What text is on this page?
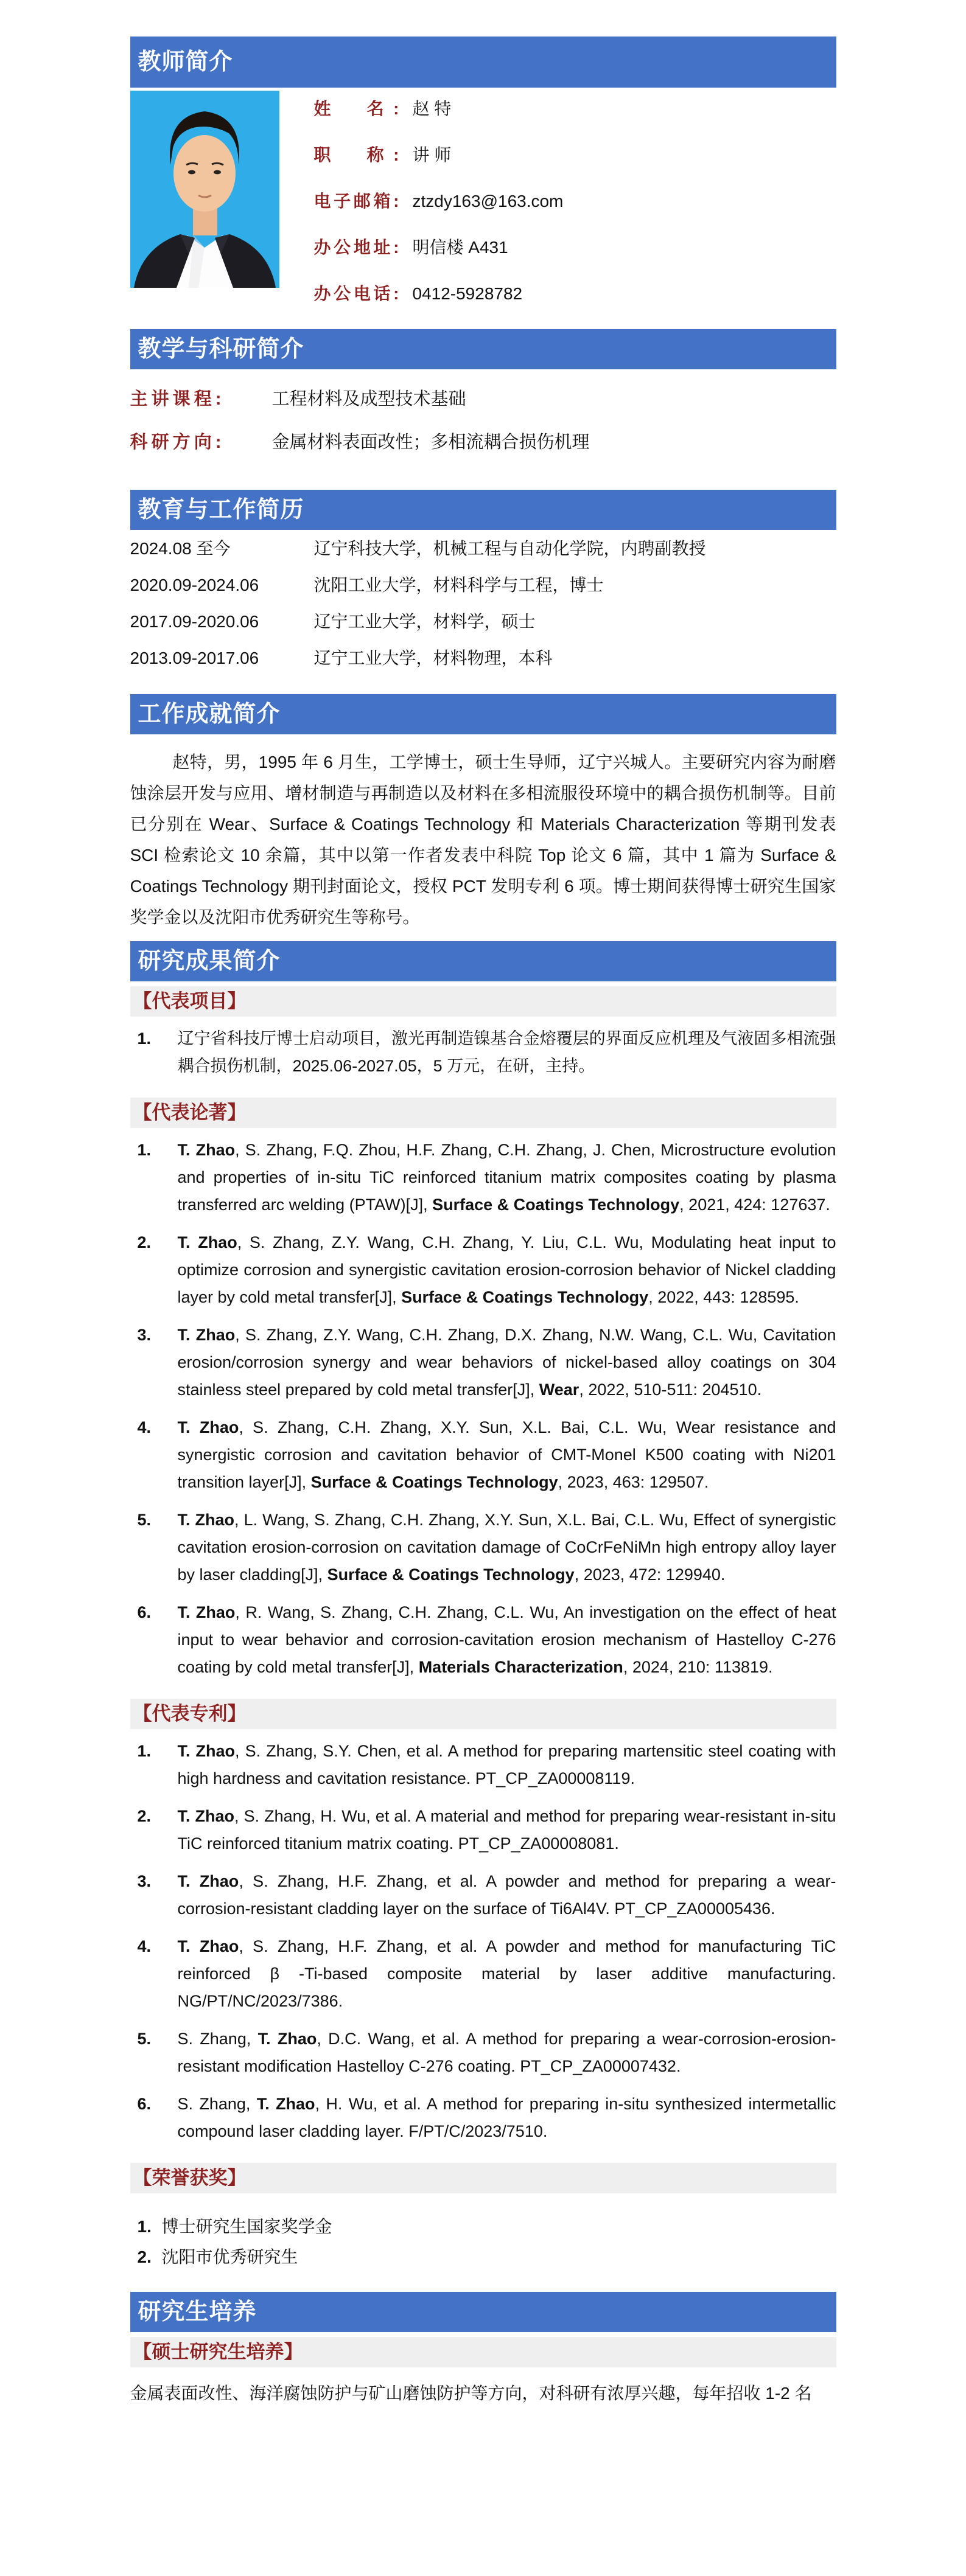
教师简介
姓　名: 赵 特
职　称: 讲 师
电子邮箱: ztzdy163@163.com
办公地址: 明信楼 A431
办公电话: 0412-5928782
教学与科研简介
主讲课程:	工程材料及成型技术基础
科研方向:	金属材料表面改性；多相流耦合损伤机理
教育与工作简历
2024.08 至今	辽宁科技大学，机械工程与自动化学院，内聘副教授
2020.09-2024.06	沈阳工业大学，材料科学与工程，博士
2017.09-2020.06	辽宁工业大学，材料学，硕士
2013.09-2017.06	辽宁工业大学，材料物理，本科
工作成就简介

赵特，男，1995 年 6 月生，工学博士，硕士生导师，辽宁兴城人。主要研究内容为耐磨蚀涂层开发与应用、增材制造与再制造以及材料在多相流服役环境中的耦合损伤机制等。目前已分别在 Wear、Surface & Coatings Technology 和 Materials Characterization 等期刊发表 SCI 检索论文 10 余篇，其中以第一作者发表中科院 Top 论文 6 篇，其中 1 篇为 Surface & Coatings Technology 期刊封面论文，授权 PCT 发明专利 6 项。博士期间获得博士研究生国家奖学金以及沈阳市优秀研究生等称号。

研究成果简介
【代表项目】
1. 辽宁省科技厅博士启动项目，激光再制造镍基合金熔覆层的界面反应机理及气液固多相流强耦合损伤机制，2025.06-2027.05，5 万元，在研，主持。
【代表论著】
1. T. Zhao, S. Zhang, F.Q. Zhou, H.F. Zhang, C.H. Zhang, J. Chen, Microstructure evolution and properties of in-situ TiC reinforced titanium matrix composites coating by plasma transferred arc welding (PTAW)[J], Surface & Coatings Technology, 2021, 424: 127637.
2. T. Zhao, S. Zhang, Z.Y. Wang, C.H. Zhang, Y. Liu, C.L. Wu, Modulating heat input to optimize corrosion and synergistic cavitation erosion-corrosion behavior of Nickel cladding layer by cold metal transfer[J], Surface & Coatings Technology, 2022, 443: 128595.
3. T. Zhao, S. Zhang, Z.Y. Wang, C.H. Zhang, D.X. Zhang, N.W. Wang, C.L. Wu, Cavitation erosion/corrosion synergy and wear behaviors of nickel-based alloy coatings on 304 stainless steel prepared by cold metal transfer[J], Wear, 2022, 510-511: 204510.
4. T. Zhao, S. Zhang, C.H. Zhang, X.Y. Sun, X.L. Bai, C.L. Wu, Wear resistance and synergistic corrosion and cavitation behavior of CMT-Monel K500 coating with Ni201 transition layer[J], Surface & Coatings Technology, 2023, 463: 129507.
5. T. Zhao, L. Wang, S. Zhang, C.H. Zhang, X.Y. Sun, X.L. Bai, C.L. Wu, Effect of synergistic cavitation erosion-corrosion on cavitation damage of CoCrFeNiMn high entropy alloy layer by laser cladding[J], Surface & Coatings Technology, 2023, 472: 129940.
6. T. Zhao, R. Wang, S. Zhang, C.H. Zhang, C.L. Wu, An investigation on the effect of heat input to wear behavior and corrosion-cavitation erosion mechanism of Hastelloy C-276 coating by cold metal transfer[J], Materials Characterization, 2024, 210: 113819.
【代表专利】
1. T. Zhao, S. Zhang, S.Y. Chen, et al. A method for preparing martensitic steel coating with high hardness and cavitation resistance. PT_CP_ZA00008119.
2. T. Zhao, S. Zhang, H. Wu, et al. A material and method for preparing wear-resistant in-situ TiC reinforced titanium matrix coating. PT_CP_ZA00008081.
3. T. Zhao, S. Zhang, H.F. Zhang, et al. A powder and method for preparing a wear-corrosion-resistant cladding layer on the surface of Ti6Al4V. PT_CP_ZA00005436.
4. T. Zhao, S. Zhang, H.F. Zhang, et al. A powder and method for manufacturing TiC reinforced β -Ti-based composite material by laser additive manufacturing. NG/PT/NC/2023/7386.
5. S. Zhang, T. Zhao, D.C. Wang, et al. A method for preparing a wear-corrosion-erosion-resistant modification Hastelloy C-276 coating. PT_CP_ZA00007432.
6. S. Zhang, T. Zhao, H. Wu, et al. A method for preparing in-situ synthesized intermetallic compound laser cladding layer. F/PT/C/2023/7510.
【荣誉获奖】
1. 博士研究生国家奖学金
2. 沈阳市优秀研究生
研究生培养
【硕士研究生培养】

金属表面改性、海洋腐蚀防护与矿山磨蚀防护等方向，对科研有浓厚兴趣，每年招收 1-2 名
